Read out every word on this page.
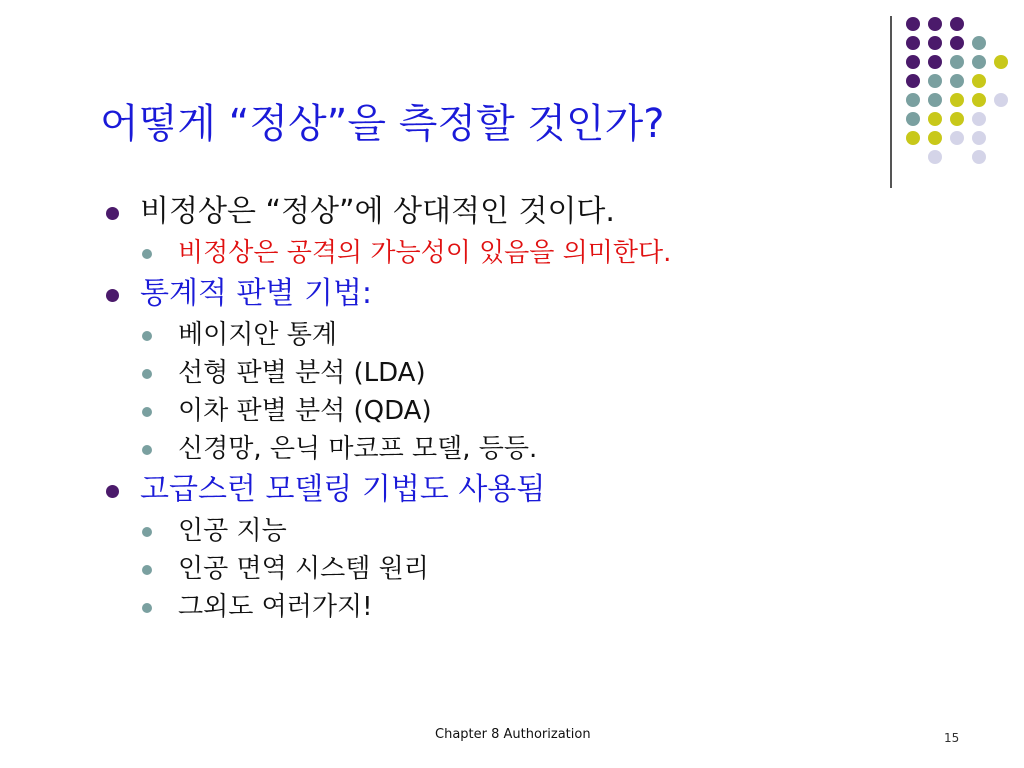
어떻게 “정상”을 측정할 것인가?
비정상은 “정상”에 상대적인 것이다.
비정상은 공격의 가능성이 있음을 의미한다.
통계적 판별 기법:
베이지안 통계
선형 판별 분석 (LDA)
이차 판별 분석 (QDA)
신경망, 은닉 마코프 모델, 등등.
고급스런 모델링 기법도 사용됨
인공 지능
인공 면역 시스템 원리
그외도 여러가지!
Chapter 8 Authorization	15
